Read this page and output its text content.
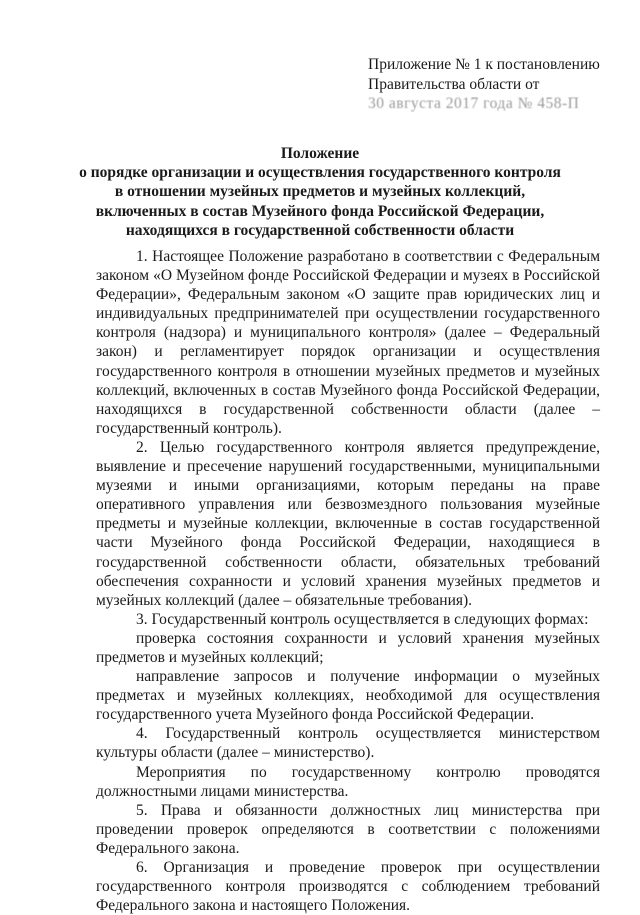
Приложение № 1 к постановлению
Правительства области от
30 августа 2017 года № 458-П
Положение
о порядке организации и осуществления государственного контроля
в отношении музейных предметов и музейных коллекций,
включенных в состав Музейного фонда Российской Федерации,
находящихся в государственной собственности области

1. Настоящее Положение разработано в соответствии с Федеральным законом «О Музейном фонде Российской Федерации и музеях в Российской Федерации», Федеральным законом «О защите прав юридических лиц и индивидуальных предпринимателей при осуществлении государственного контроля (надзора) и муниципального контроля» (далее – Федеральный закон) и регламентирует порядок организации и осуществления государственного контроля в отношении музейных предметов и музейных коллекций, включенных в состав Музейного фонда Российской Федерации, находящихся в государственной собственности области (далее – государственный контроль).

2. Целью государственного контроля является предупреждение, выявление и пресечение нарушений государственными, муниципальными музеями и иными организациями, которым переданы на праве оперативного управления или безвозмездного пользования музейные предметы и музейные коллекции, включенные в состав государственной части Музейного фонда Российской Федерации, находящиеся в государственной собственности области, обязательных требований обеспечения сохранности и условий хранения музейных предметов и музейных коллекций (далее – обязательные требования).

3. Государственный контроль осуществляется в следующих формах:

проверка состояния сохранности и условий хранения музейных предметов и музейных коллекций;

направление запросов и получение информации о музейных предметах и музейных коллекциях, необходимой для осуществления государственного учета Музейного фонда Российской Федерации.

4. Государственный контроль осуществляется министерством культуры области (далее – министерство).

Мероприятия по государственному контролю проводятся должностными лицами министерства.

5. Права и обязанности должностных лиц министерства при проведении проверок определяются в соответствии с положениями Федерального закона.

6. Организация и проведение проверок при осуществлении государственного контроля производятся с соблюдением требований Федерального закона и настоящего Положения.
